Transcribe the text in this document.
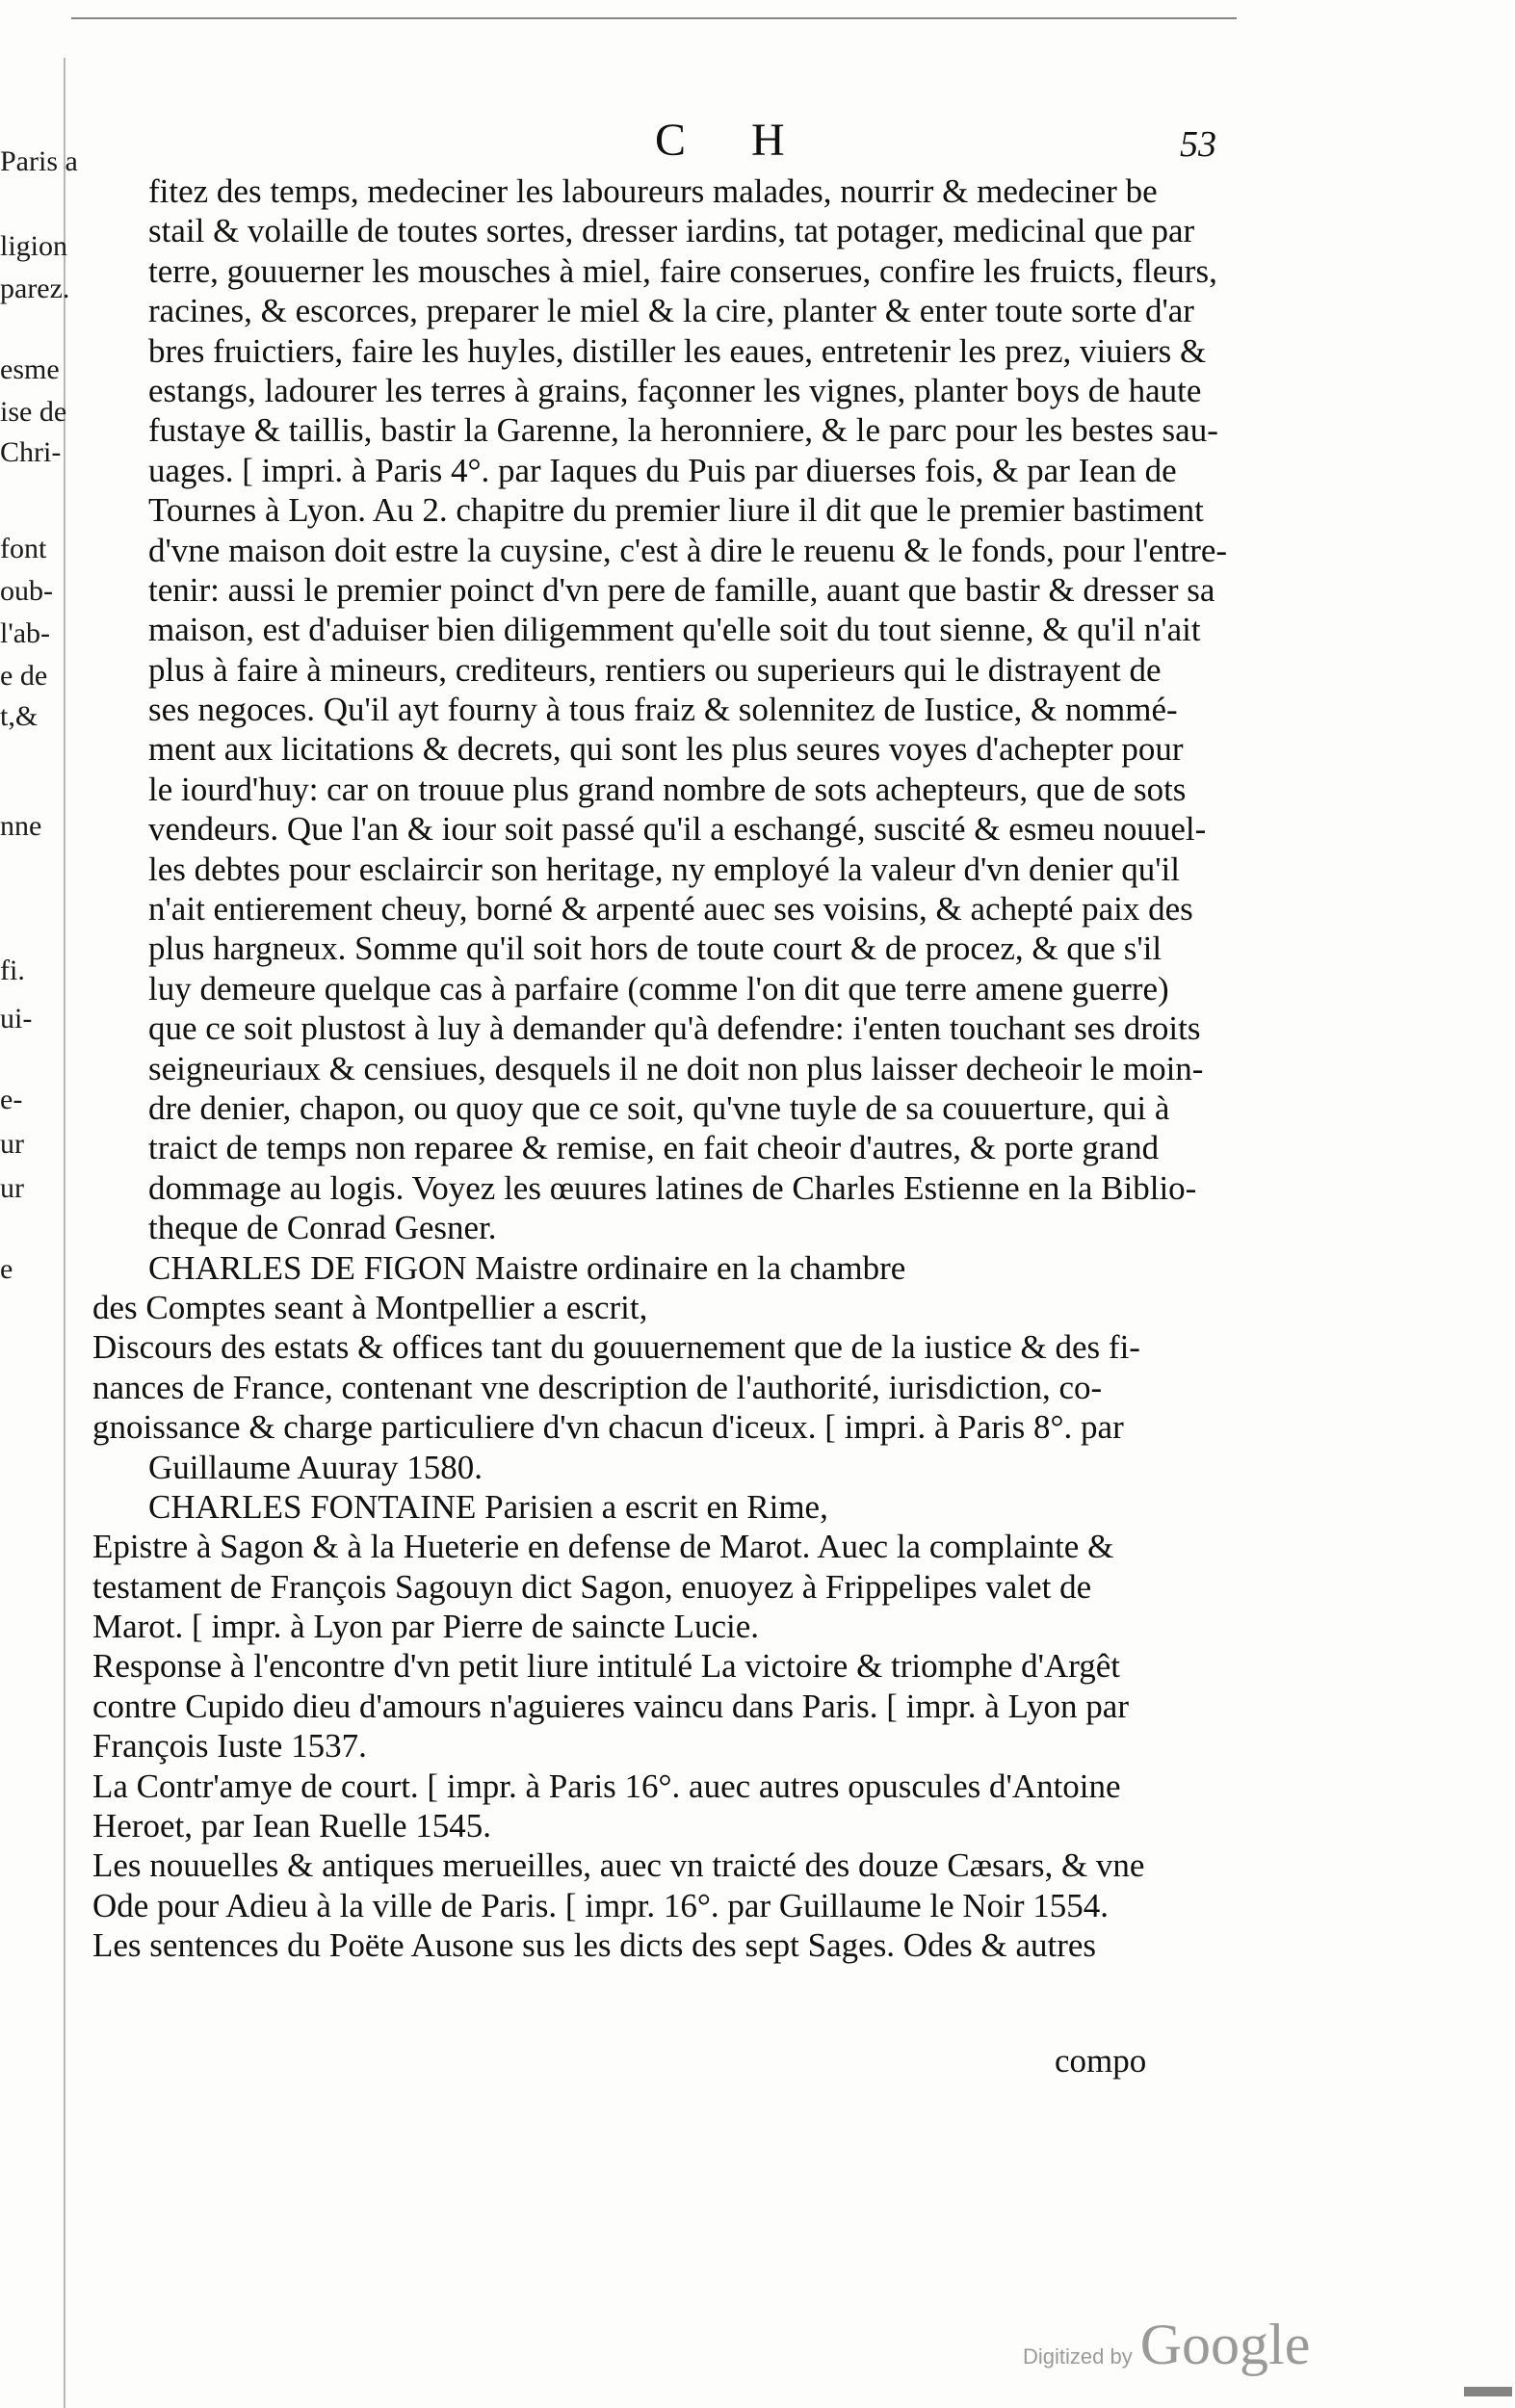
Paris a
ligion
parez.
esme
ise de
Chri-
font
oub-
l'ab-
e de
t,&
nne
fi.
ui-
e-
ur
ur
e
C H	53
fitez des temps, medeciner les laboureurs malades, nourrir & medeciner be
stail & volaille de toutes sortes, dresser iardins, tat potager, medicinal que par
terre, gouuerner les mousches à miel, faire conserues, confire les fruicts, fleurs,
racines, & escorces, preparer le miel & la cire, planter & enter toute sorte d'ar
bres fruictiers, faire les huyles, distiller les eaues, entretenir les prez, viuiers &
estangs, ladourer les terres à grains, façonner les vignes, planter boys de haute
fustaye & taillis, bastir la Garenne, la heronniere, & le parc pour les bestes sau-
uages. [ impri. à Paris 4°. par Iaques du Puis par diuerses fois, & par Iean de
Tournes à Lyon. Au 2. chapitre du premier liure il dit que le premier bastiment
d'vne maison doit estre la cuysine, c'est à dire le reuenu & le fonds, pour l'entre-
tenir: aussi le premier poinct d'vn pere de famille, auant que bastir & dresser sa
maison, est d'aduiser bien diligemment qu'elle soit du tout sienne, & qu'il n'ait
plus à faire à mineurs, crediteurs, rentiers ou superieurs qui le distrayent de
ses negoces. Qu'il ayt fourny à tous fraiz & solennitez de Iustice, & nommé-
ment aux licitations & decrets, qui sont les plus seures voyes d'achepter pour
le iourd'huy: car on trouue plus grand nombre de sots achepteurs, que de sots
vendeurs. Que l'an & iour soit passé qu'il a eschangé, suscité & esmeu nouuel-
les debtes pour esclaircir son heritage, ny employé la valeur d'vn denier qu'il
n'ait entierement cheuy, borné & arpenté auec ses voisins, & achepté paix des
plus hargneux. Somme qu'il soit hors de toute court & de procez, & que s'il
luy demeure quelque cas à parfaire (comme l'on dit que terre amene guerre)
que ce soit plustost à luy à demander qu'à defendre: i'enten touchant ses droits
seigneuriaux & censiues, desquels il ne doit non plus laisser decheoir le moin-
dre denier, chapon, ou quoy que ce soit, qu'vne tuyle de sa couuerture, qui à
traict de temps non reparee & remise, en fait cheoir d'autres, & porte grand
dommage au logis. Voyez les œuures latines de Charles Estienne en la Biblio-
theque de Conrad Gesner.
CHARLES DE FIGON Maistre ordinaire en la chambre
des Comptes seant à Montpellier a escrit,
Discours des estats & offices tant du gouuernement que de la iustice & des fi-
nances de France, contenant vne description de l'authorité, iurisdiction, co-
gnoissance & charge particuliere d'vn chacun d'iceux. [ impri. à Paris 8°. par
Guillaume Auuray 1580.
CHARLES FONTAINE Parisien a escrit en Rime,
Epistre à Sagon & à la Hueterie en defense de Marot. Auec la complainte &
testament de François Sagouyn dict Sagon, enuoyez à Frippelipes valet de
Marot. [ impr. à Lyon par Pierre de saincte Lucie.
Response à l'encontre d'vn petit liure intitulé La victoire & triomphe d'Argêt
contre Cupido dieu d'amours n'aguieres vaincu dans Paris. [ impr. à Lyon par
François Iuste 1537.
La Contr'amye de court. [ impr. à Paris 16°. auec autres opuscules d'Antoine
Heroet, par Iean Ruelle 1545.
Les nouuelles & antiques merueilles, auec vn traicté des douze Cæsars, & vne
Ode pour Adieu à la ville de Paris. [ impr. 16°. par Guillaume le Noir 1554.
Les sentences du Poëte Ausone sus les dicts des sept Sages. Odes & autres
compo
Digitized by Google
